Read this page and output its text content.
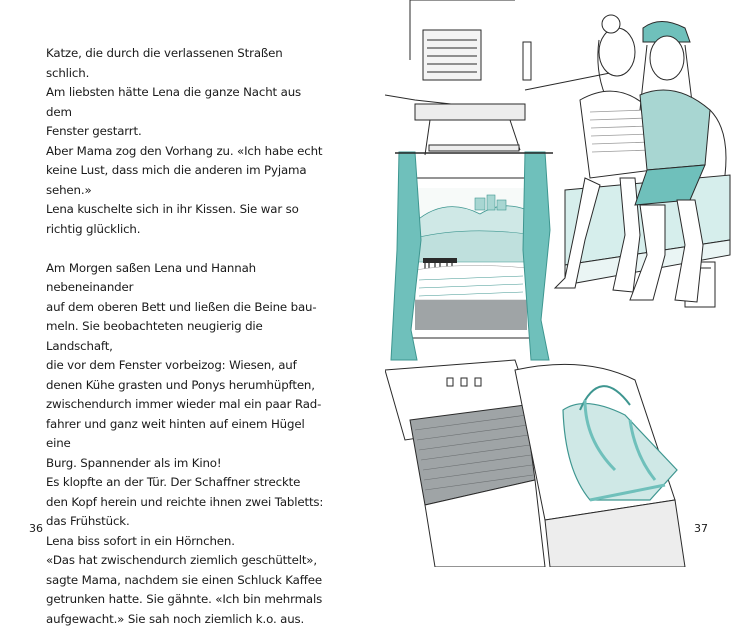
Katze, die durch die verlassenen Straßen schlich.

Am liebsten hätte Lena die ganze Nacht aus dem

Fenster gestarrt.

Aber Mama zog den Vorhang zu. «Ich habe echt

keine Lust, dass mich die anderen im Pyjama sehen.»

Lena kuschelte sich in ihr Kissen. Sie war so

richtig glücklich.

Am Morgen saßen Lena und Hannah nebeneinander

auf dem oberen Bett und ließen die Beine bau-

meln. Sie beobachteten neugierig die Landschaft,

die vor dem Fenster vorbeizog: Wiesen, auf

denen Kühe grasten und Ponys herumhüpften,

zwischendurch immer wieder mal ein paar Rad-

fahrer und ganz weit hinten auf einem Hügel eine

Burg. Spannender als im Kino!

Es klopfte an der Tür. Der Schaffner streckte

den Kopf herein und reichte ihnen zwei Tabletts:

das Frühstück.

Lena biss sofort in ein Hörnchen.

«Das hat zwischendurch ziemlich geschüttelt»,

sagte Mama, nachdem sie einen Schluck Kaffee

getrunken hatte. Sie gähnte. «Ich bin mehrmals

aufgewacht.» Sie sah noch ziemlich k.o. aus.

36	37
